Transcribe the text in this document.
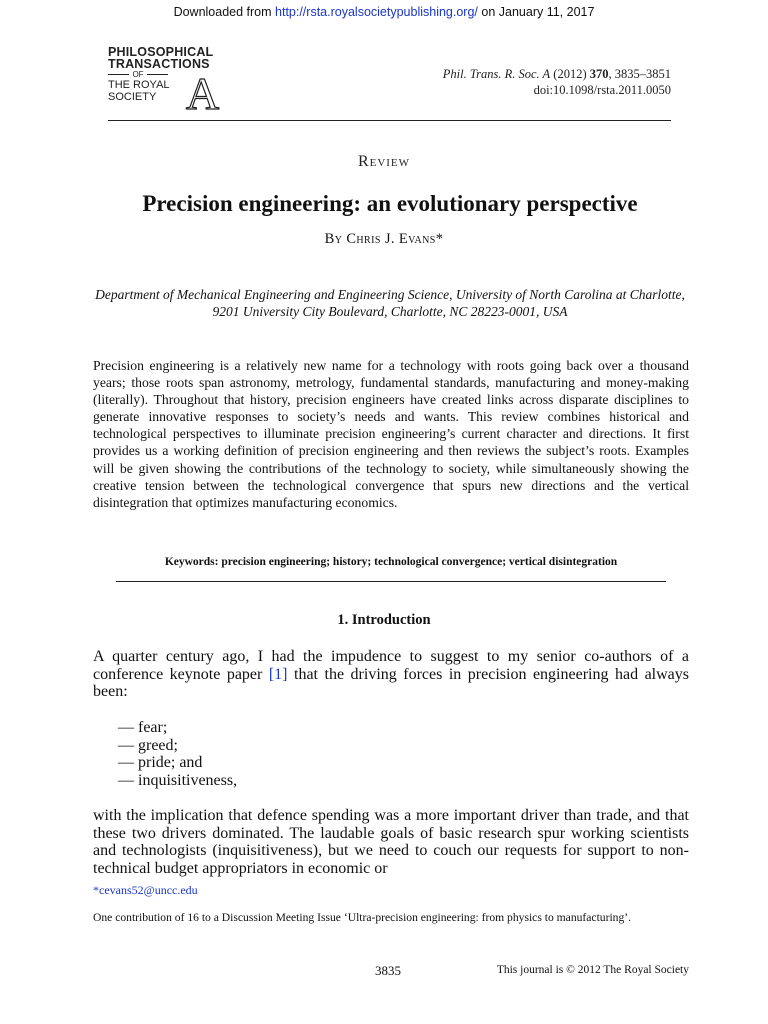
Downloaded from http://rsta.royalsocietypublishing.org/ on January 11, 2017
PHILOSOPHICAL
TRANSACTIONS
OF
THE ROYAL
SOCIETY A	Phil. Trans. R. Soc. A (2012) 370, 3835–3851
doi:10.1098/rsta.2011.0050
Review
Precision engineering: an evolutionary perspective
By Chris J. Evans*
Department of Mechanical Engineering and Engineering Science, University of North Carolina at Charlotte, 9201 University City Boulevard, Charlotte, NC 28223-0001, USA
Precision engineering is a relatively new name for a technology with roots going back over a thousand years; those roots span astronomy, metrology, fundamental standards, manufacturing and money-making (literally). Throughout that history, precision engineers have created links across disparate disciplines to generate innovative responses to society’s needs and wants. This review combines historical and technological perspectives to illuminate precision engineering’s current character and directions. It first provides us a working definition of precision engineering and then reviews the subject’s roots. Examples will be given showing the contributions of the technology to society, while simultaneously showing the creative tension between the technological convergence that spurs new directions and the vertical disintegration that optimizes manufacturing economics.
Keywords: precision engineering; history; technological convergence; vertical disintegration
1. Introduction
A quarter century ago, I had the impudence to suggest to my senior co-authors of a conference keynote paper [1] that the driving forces in precision engineering had always been:
— fear;
— greed;
— pride; and
— inquisitiveness,
with the implication that defence spending was a more important driver than trade, and that these two drivers dominated. The laudable goals of basic research spur working scientists and technologists (inquisitiveness), but we need to couch our requests for support to non-technical budget appropriators in economic or
*cevans52@uncc.edu
One contribution of 16 to a Discussion Meeting Issue ‘Ultra-precision engineering: from physics to manufacturing’.
3835	This journal is © 2012 The Royal Society
